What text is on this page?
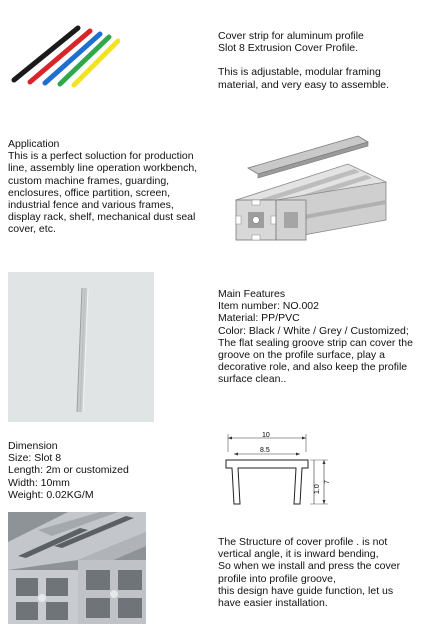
Cover strip for aluminum profile

Slot 8 Extrusion Cover Profile.

This is adjustable, modular framing

material, and very easy to assemble.

Application

This is a perfect soluction for production

line, assembly line operation workbench,

custom machine frames, guarding,

enclosures, office partition, screen,

industrial fence and various frames,

display rack, shelf, mechanical dust seal

cover, etc.

Main Features

Item number: NO.002

Material: PP/PVC

Color: Black / White / Grey / Customized;

The flat sealing groove strip can cover the

groove on the profile surface, play a

decorative role, and also keep the profile

surface clean..

Dimension

Size: Slot 8

Length: 2m or customized

Width: 10mm

Weight: 0.02KG/M

10
8.5
1.0
7

The Structure of cover profile . is not

vertical angle, it is inward bending,

So when we install and press the cover

profile into profile groove,

this design have guide function, let us

have easier installation.
